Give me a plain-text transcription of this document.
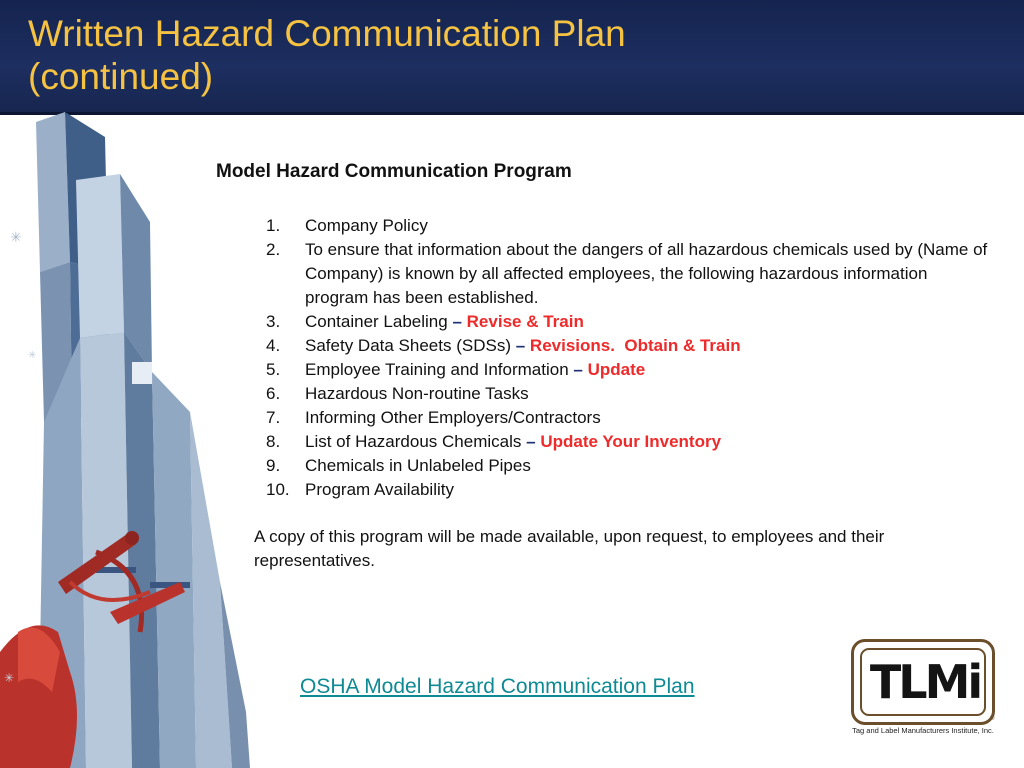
Written Hazard Communication Plan
(continued)
✳
✳
✳
Model Hazard Communication Program
1.	Company Policy
2.	To ensure that information about the dangers of all hazardous chemicals used by (Name of Company) is known by all affected employees, the following hazardous information program has been established.
3.	Container Labeling – Revise & Train
4.	Safety Data Sheets (SDSs) – Revisions.  Obtain & Train
5.	Employee Training and Information – Update
6.	Hazardous Non-routine Tasks
7.	Informing Other Employers/Contractors
8.	List of Hazardous Chemicals – Update Your Inventory
9.	Chemicals in Unlabeled Pipes
10. Program Availability

A copy of this program will be made available, upon request, to employees and their representatives.

OSHA Model Hazard Communication Plan	TLMi
®
Tag and Label Manufacturers Institute, Inc.
